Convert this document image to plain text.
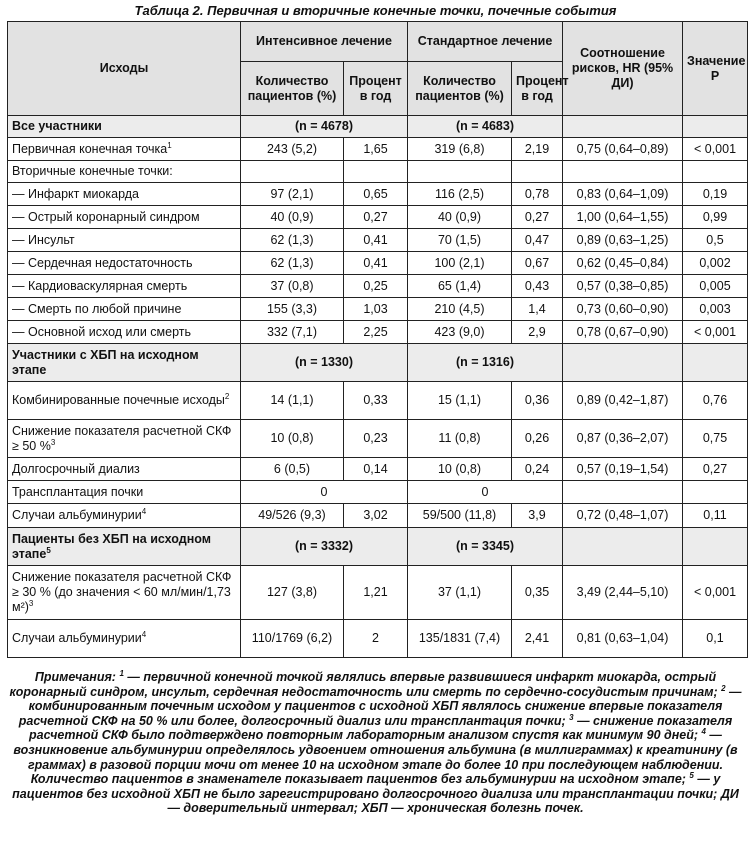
Таблица 2. Первичная и вторичные конечные точки, почечные события
Исходы	Интенсивное лечение		Стандартное лечение		Соотношение рисков, HR (95% ДИ)	Значение P
	Количество пациентов (%)	Процент в год	Количество пациентов (%)	Процент в год		
Все участники	(n = 4678)		(n = 4683)			
Первичная конечная точка$^1$	243 (5,2)	1,65	319 (6,8)	2,19	0,75 (0,64–0,89)	< 0,001
Вторичные конечные точки:						
— Инфаркт миокарда	97 (2,1)	0,65	116 (2,5)	0,78	0,83 (0,64–1,09)	0,19
— Острый коронарный синдром	40 (0,9)	0,27	40 (0,9)	0,27	1,00 (0,64–1,55)	0,99
— Инсульт	62 (1,3)	0,41	70 (1,5)	0,47	0,89 (0,63–1,25)	0,5
— Сердечная недостаточность	62 (1,3)	0,41	100 (2,1)	0,67	0,62 (0,45–0,84)	0,002
— Кардиоваскулярная смерть	37 (0,8)	0,25	65 (1,4)	0,43	0,57 (0,38–0,85)	0,005
— Смерть по любой причине	155 (3,3)	1,03	210 (4,5)	1,4	0,73 (0,60–0,90)	0,003
— Основной исход или смерть	332 (7,1)	2,25	423 (9,0)	2,9	0,78 (0,67–0,90)	< 0,001
Участники с ХБП на исходном этапе	(n = 1330)		(n = 1316)			
Комбинированные почечные исходы$^2$	14 (1,1)	0,33	15 (1,1)	0,36	0,89 (0,42–1,87)	0,76
Снижение показателя расчетной СКФ ≥ 50 %$^3$	10 (0,8)	0,23	11 (0,8)	0,26	0,87 (0,36–2,07)	0,75
Долгосрочный диализ	6 (0,5)	0,14	10 (0,8)	0,24	0,57 (0,19–1,54)	0,27
Трансплантация почки	0		0			
Случаи альбуминурии$^4$	49/526 (9,3)	3,02	59/500 (11,8)	3,9	0,72 (0,48–1,07)	0,11
Пациенты без ХБП на исходном этапе$^5$	(n = 3332)		(n = 3345)			
Снижение показателя расчетной СКФ ≥ 30 % (до значения < 60 мл/мин/1,73 м²)$^3$	127 (3,8)	1,21	37 (1,1)	0,35	3,49 (2,44–5,10)	< 0,001
Случаи альбуминурии$^4$	110/1769 (6,2)	2	135/1831 (7,4)	2,41	0,81 (0,63–1,04)	0,1
Примечания: $^1$ — первичной конечной точкой являлись впервые развившиеся инфаркт миокарда, острый коронарный синдром, инсульт, сердечная недостаточность или смерть по сердечно-сосудистым причинам; $^2$ — комбинированным почечным исходом у пациентов с исходной ХБП являлось снижение впервые показателя расчетной СКФ на 50 % или более, долгосрочный диализ или трансплантация почки; $^3$ — снижение показателя расчетной СКФ было подтверждено повторным лабораторным анализом спустя как минимум 90 дней; $^4$ — возникновение альбуминурии определялось удвоением отношения альбумина (в миллиграммах) к креатинину (в граммах) в разовой порции мочи от менее 10 на исходном этапе до более 10 при последующем наблюдении. Количество пациентов в знаменателе показывает пациентов без альбуминурии на исходном этапе; $^5$ — у пациентов без исходной ХБП не было зарегистрировано долгосрочного диализа или трансплантации почки; ДИ — доверительный интервал; ХБП — хроническая болезнь почек.
